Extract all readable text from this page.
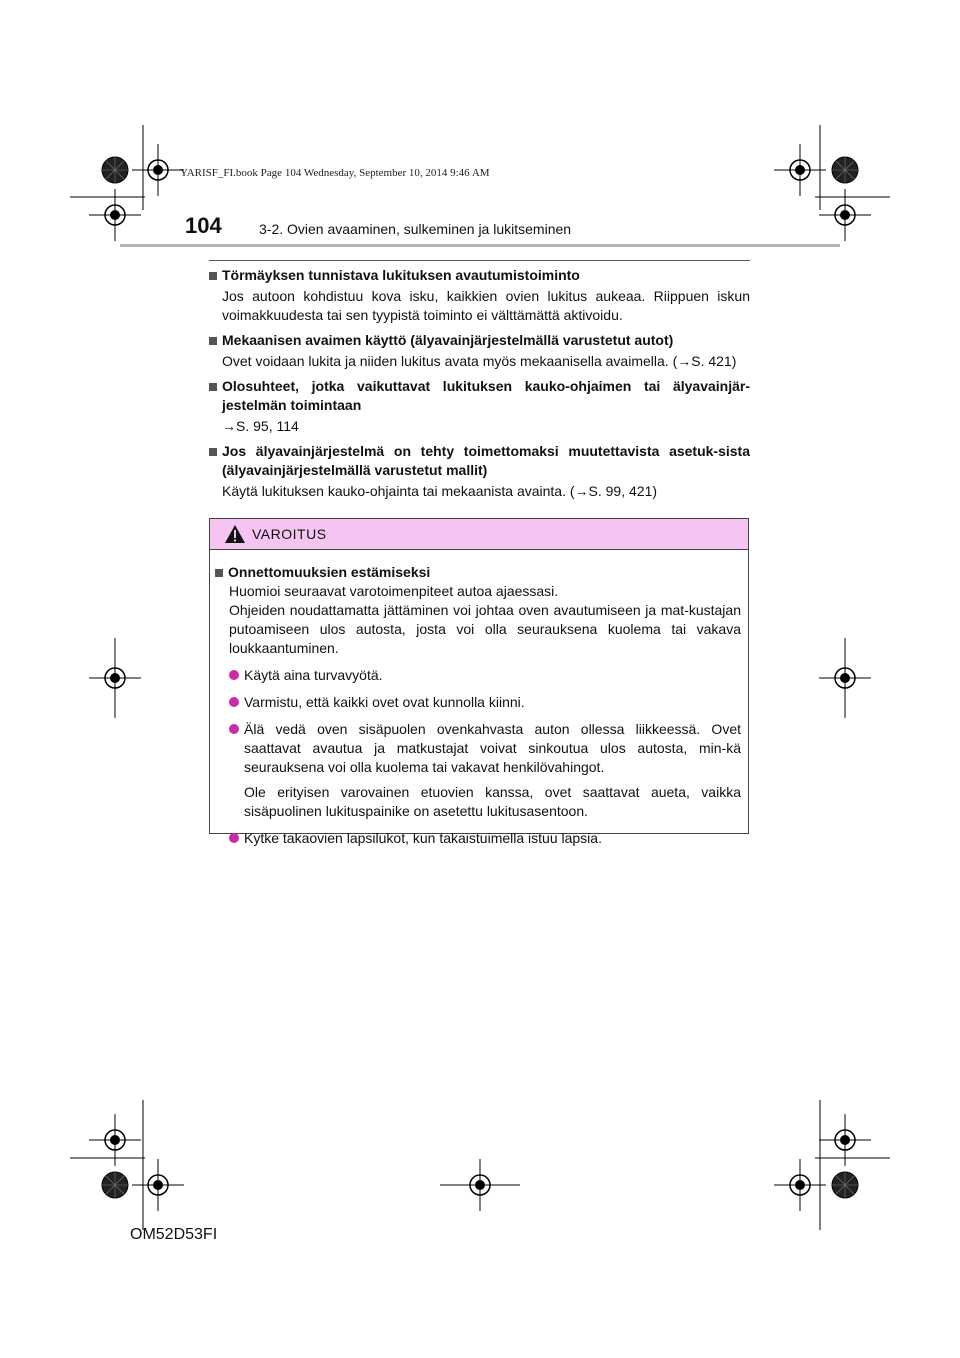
YARISF_FI.book Page 104 Wednesday, September 10, 2014 9:46 AM
104	3-2. Ovien avaaminen, sulkeminen ja lukitseminen
Törmäyksen tunnistava lukituksen avautumistoiminto
Jos autoon kohdistuu kova isku, kaikkien ovien lukitus aukeaa. Riippuen iskun voimakkuudesta tai sen tyypistä toiminto ei välttämättä aktivoidu.
Mekaanisen avaimen käyttö (älyavainjärjestelmällä varustetut autot)
Ovet voidaan lukita ja niiden lukitus avata myös mekaanisella avaimella. (→S. 421)
Olosuhteet, jotka vaikuttavat lukituksen kauko-ohjaimen tai älyavainjär-jestelmän toimintaan
→S. 95, 114
Jos älyavainjärjestelmä on tehty toimettomaksi muutettavista asetuk-sista (älyavainjärjestelmällä varustetut mallit)
Käytä lukituksen kauko-ohjainta tai mekaanista avainta. (→S. 99, 421)
VAROITUS
Onnettomuuksien estämiseksi
Huomioi seuraavat varotoimenpiteet autoa ajaessasi.
Ohjeiden noudattamatta jättäminen voi johtaa oven avautumiseen ja mat-kustajan putoamiseen ulos autosta, josta voi olla seurauksena kuolema tai vakava loukkaantuminen.
Käytä aina turvavyötä.
Varmistu, että kaikki ovet ovat kunnolla kiinni.
Älä vedä oven sisäpuolen ovenkahvasta auton ollessa liikkeessä. Ovet saattavat avautua ja matkustajat voivat sinkoutua ulos autosta, min-kä seurauksena voi olla kuolema tai vakavat henkilövahingot.
Ole erityisen varovainen etuovien kanssa, ovet saattavat aueta, vaikka sisäpuolinen lukituspainike on asetettu lukitusasentoon.
Kytke takaovien lapsilukot, kun takaistuimella istuu lapsia.
OM52D53FI
